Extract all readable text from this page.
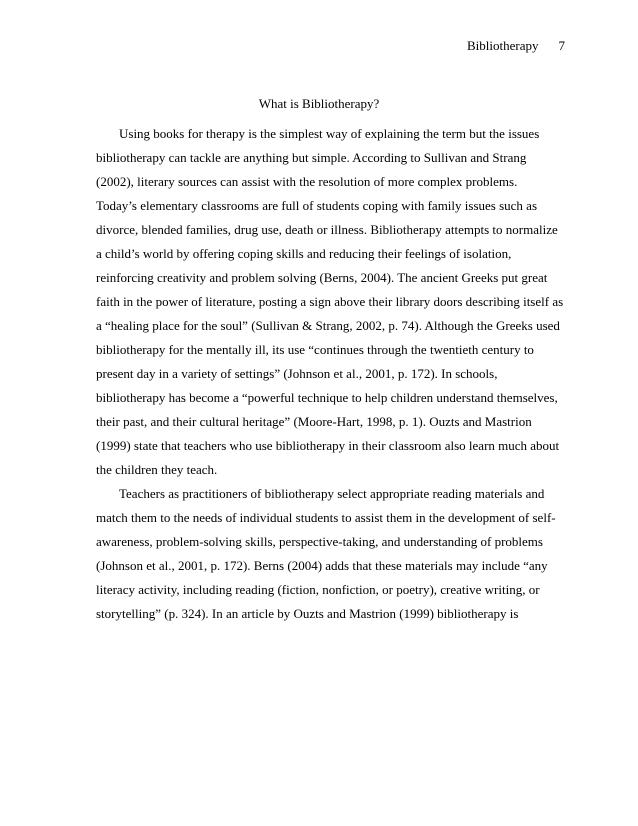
Bibliotherapy 7
What is Bibliotherapy?
Using books for therapy is the simplest way of explaining the term but the issues
bibliotherapy can tackle are anything but simple. According to Sullivan and Strang
(2002), literary sources can assist with the resolution of more complex problems.
Today’s elementary classrooms are full of students coping with family issues such as
divorce, blended families, drug use, death or illness. Bibliotherapy attempts to normalize
a child’s world by offering coping skills and reducing their feelings of isolation,
reinforcing creativity and problem solving (Berns, 2004). The ancient Greeks put great
faith in the power of literature, posting a sign above their library doors describing itself as
a “healing place for the soul” (Sullivan & Strang, 2002, p. 74). Although the Greeks used
bibliotherapy for the mentally ill, its use “continues through the twentieth century to
present day in a variety of settings” (Johnson et al., 2001, p. 172). In schools,
bibliotherapy has become a “powerful technique to help children understand themselves,
their past, and their cultural heritage” (Moore-Hart, 1998, p. 1). Ouzts and Mastrion
(1999) state that teachers who use bibliotherapy in their classroom also learn much about
the children they teach.
Teachers as practitioners of bibliotherapy select appropriate reading materials and
match them to the needs of individual students to assist them in the development of self-
awareness, problem-solving skills, perspective-taking, and understanding of problems
(Johnson et al., 2001, p. 172). Berns (2004) adds that these materials may include “any
literacy activity, including reading (fiction, nonfiction, or poetry), creative writing, or
storytelling” (p. 324). In an article by Ouzts and Mastrion (1999) bibliotherapy is
